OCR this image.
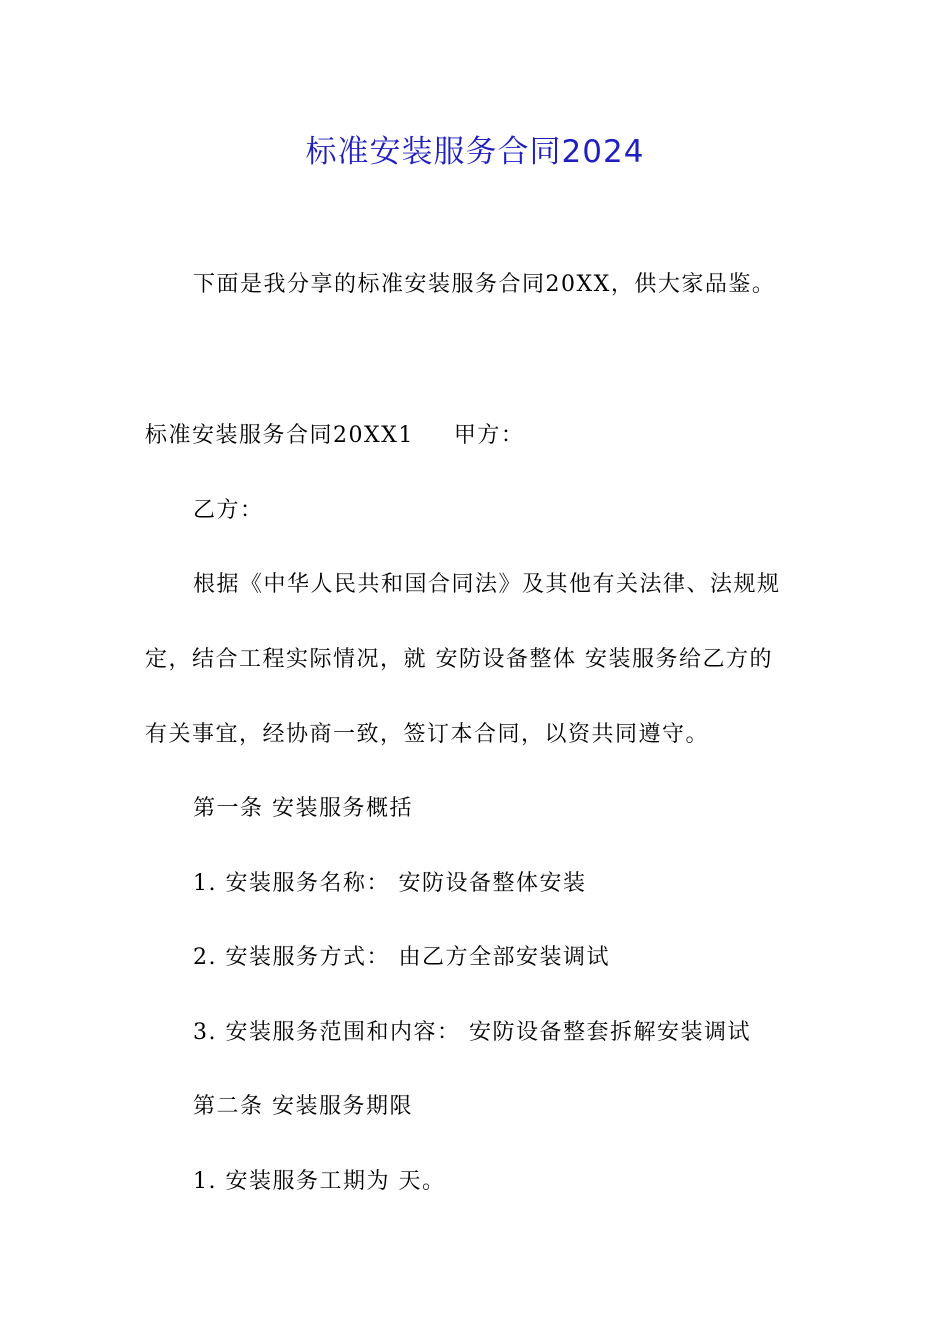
标准安装服务合同2024
下面是我分享的标准安装服务合同20XX，供大家品鉴。
标准安装服务合同20XX1 甲方：
乙方：
根据《中华人民共和国合同法》及其他有关法律、法规规
定，结合工程实际情况，就 安防设备整体 安装服务给乙方的
有关事宜，经协商一致，签订本合同，以资共同遵守。
第一条 安装服务概括
1. 安装服务名称： 安防设备整体安装
2. 安装服务方式： 由乙方全部安装调试
3. 安装服务范围和内容： 安防设备整套拆解安装调试
第二条 安装服务期限
1. 安装服务工期为 天。
